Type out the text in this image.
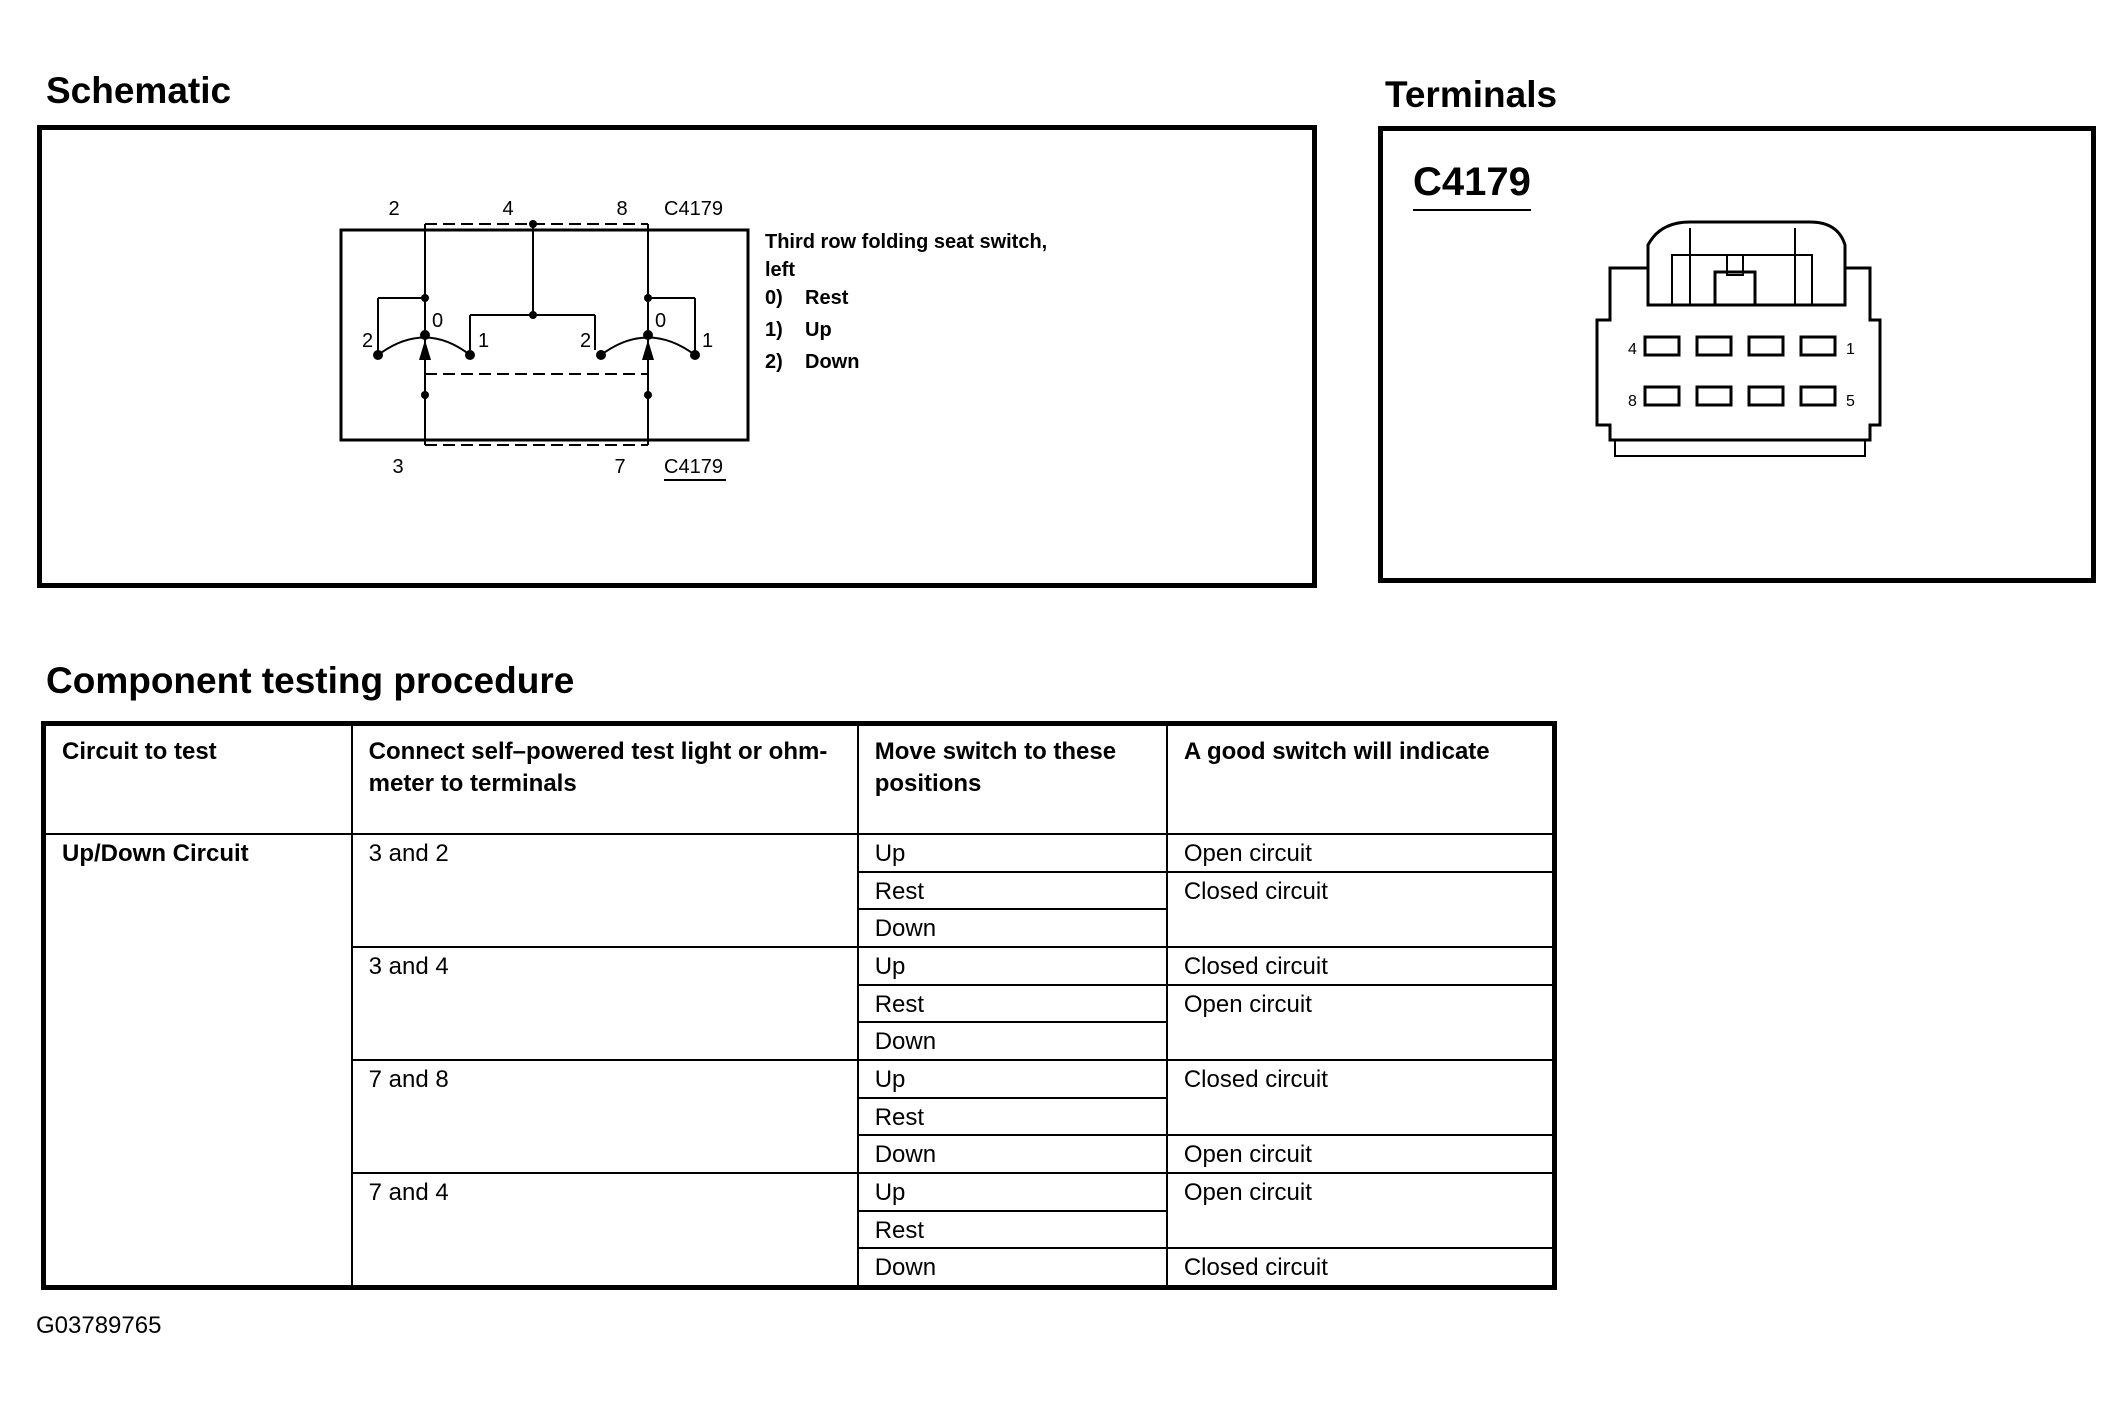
Schematic
2	4	8 C4179
3	7 C4179
2
0
1	2
0
1
Third row folding seat switch,
left
0) Rest
1) Up
2) Down
Terminals
C4179
4	1
8	5
Component testing procedure
Circuit to test	Connect self–powered test light or ohm-meter to terminals	Move switch to these positions	A good switch will indicate
Up/Down Circuit	3 and 2	Up	Open circuit
		Rest	Closed circuit
		Down	
	3 and 4	Up	Closed circuit
		Rest	Open circuit
		Down	
	7 and 8	Up	Closed circuit
		Rest	
		Down	Open circuit
	7 and 4	Up	Open circuit
		Rest	
		Down	Closed circuit
G03789765
